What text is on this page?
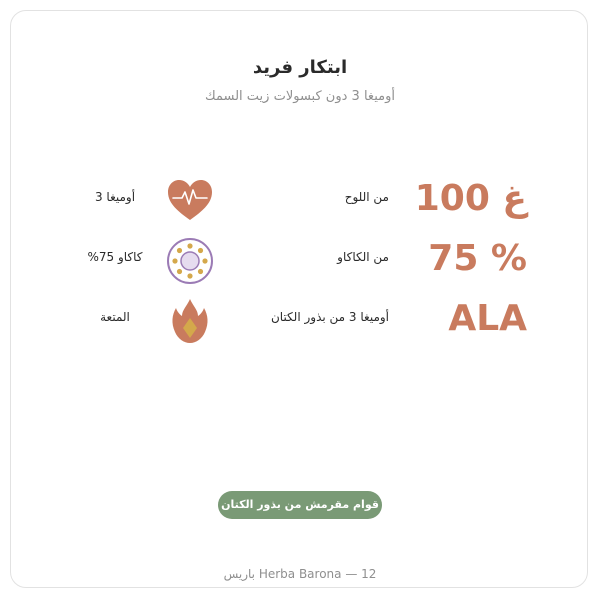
ابتكار فريد
أوميغا 3 دون كبسولات زيت السمك
100 غ
من اللوح
أوميغا 3
75 %
من الكاكاو
كاكاو 75%
ALA
أوميغا 3 من بذور الكتان
المتعة
قوام مقرمش من بذور الكتان
Herba Barona — 12 باريس
